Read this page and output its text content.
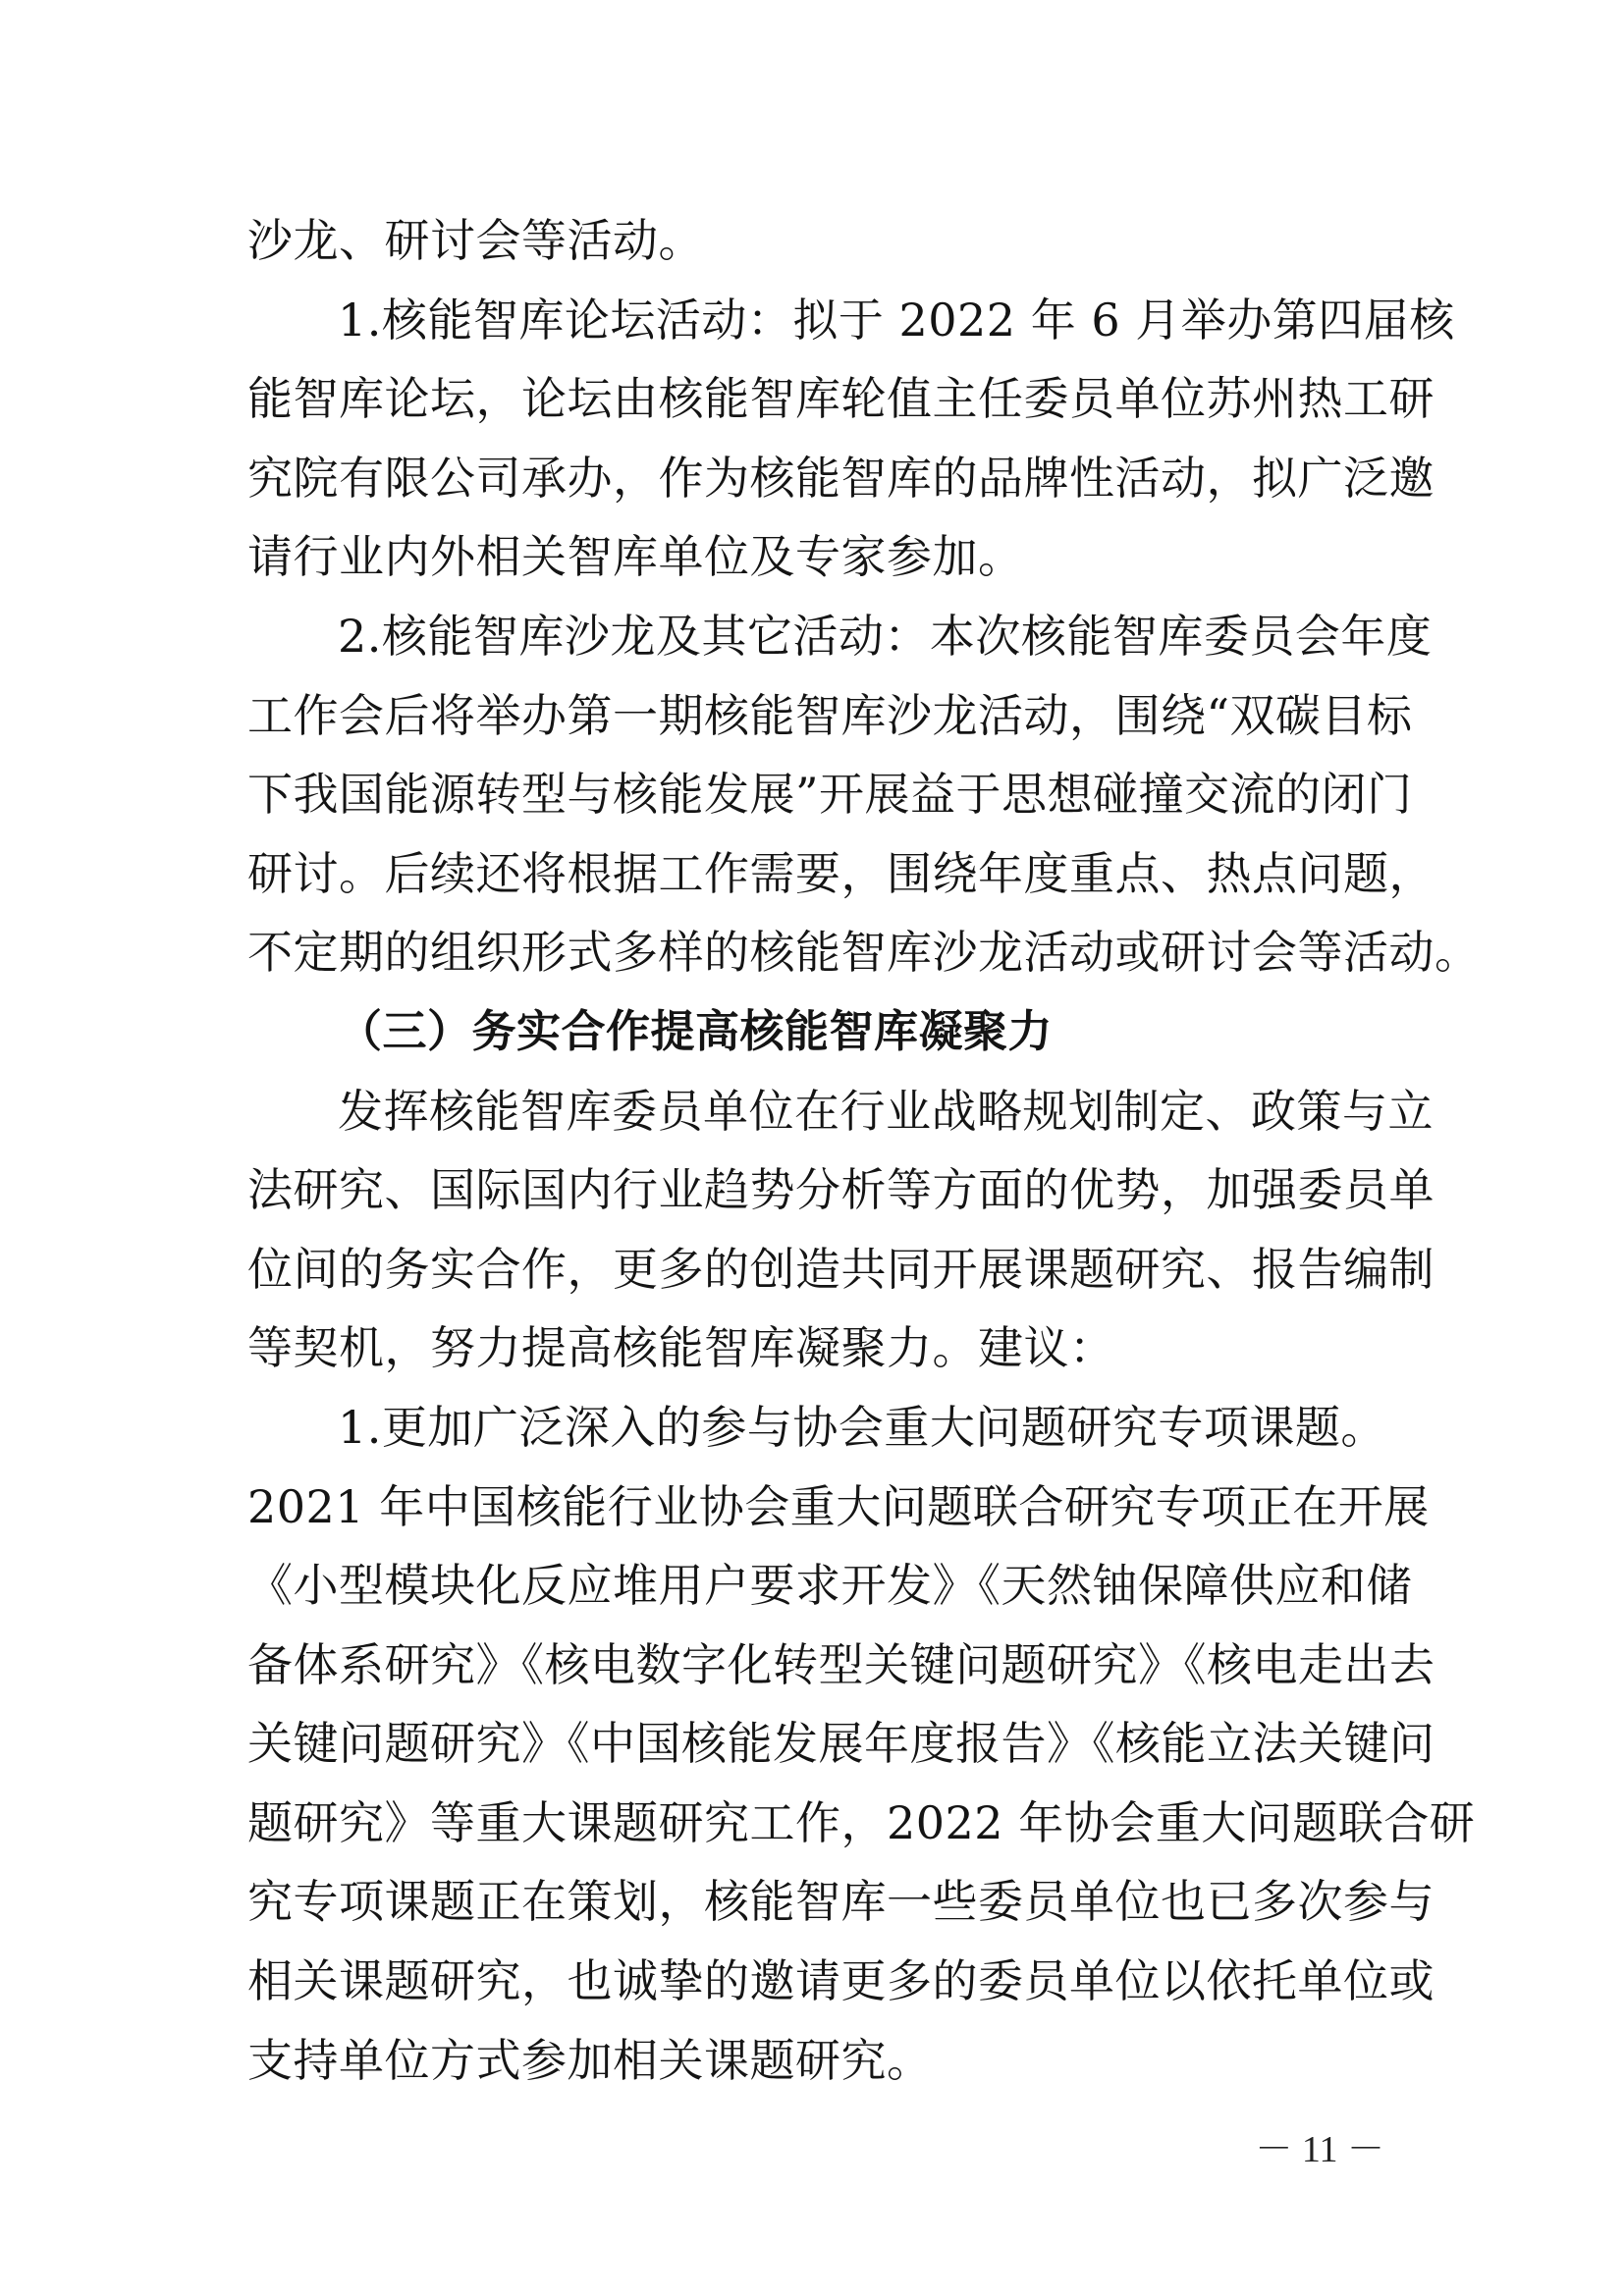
沙龙、研讨会等活动。
1.核能智库论坛活动：拟于 2022 年 6 月举办第四届核
能智库论坛，论坛由核能智库轮值主任委员单位苏州热工研
究院有限公司承办，作为核能智库的品牌性活动，拟广泛邀
请行业内外相关智库单位及专家参加。
2.核能智库沙龙及其它活动：本次核能智库委员会年度
工作会后将举办第一期核能智库沙龙活动，围绕“双碳目标
下我国能源转型与核能发展”开展益于思想碰撞交流的闭门
研讨。后续还将根据工作需要，围绕年度重点、热点问题，
不定期的组织形式多样的核能智库沙龙活动或研讨会等活动。
（三）务实合作提高核能智库凝聚力
发挥核能智库委员单位在行业战略规划制定、政策与立
法研究、国际国内行业趋势分析等方面的优势，加强委员单
位间的务实合作，更多的创造共同开展课题研究、报告编制
等契机，努力提高核能智库凝聚力。建议：
1.更加广泛深入的参与协会重大问题研究专项课题。
2021 年中国核能行业协会重大问题联合研究专项正在开展
《小型模块化反应堆用户要求开发》《天然铀保障供应和储
备体系研究》《核电数字化转型关键问题研究》《核电走出去
关键问题研究》《中国核能发展年度报告》《核能立法关键问
题研究》等重大课题研究工作，2022 年协会重大问题联合研
究专项课题正在策划，核能智库一些委员单位也已多次参与
相关课题研究，也诚挚的邀请更多的委员单位以依托单位或
支持单位方式参加相关课题研究。
－ 11 －
